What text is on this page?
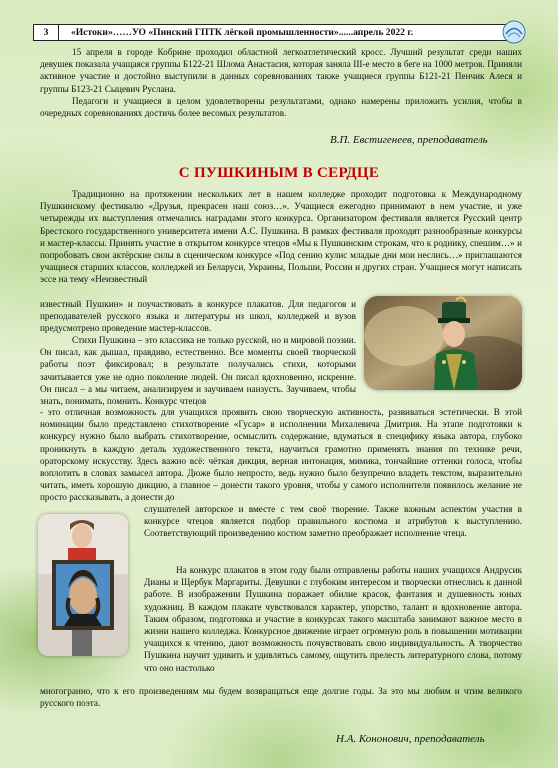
3	«Истоки»……УО «Пинский ГПТК лёгкой промышленности»......апрель 2022 г.

15 апреля в городе Кобрине проходил областной легкоатлетический кросс. Лучший результат среди наших девушек показала учащаяся группы Б122-21 Шлома Анастасия, которая заняла III-е место в беге на 1000 метров. Приняли активное участие и достойно выступили в данных соревнованиях также учащиеся группы Б121-21 Пенчик Алеся и группы Б123-21 Сыцевич Руслана.

Педагоги и учащиеся в целом удовлетворены результатами, однако намерены приложить усилия, чтобы в очередных соревнованиях достичь более весомых результатов.

В.П. Евстигенеев, преподаватель
С ПУШКИНЫМ В СЕРДЦЕ

Традиционно на протяжении нескольких лет в нашем колледже проходит подготовка к Международному Пушкинскому фестивалю «Друзья, прекрасен наш союз…». Учащиеся ежегодно принимают в нем участие, и уже четырежды их выступления отмечались наградами этого конкурса. Организатором фестиваля является Русский центр Брестского государственного университета имени А.С. Пушкина. В рамках фестиваля проходят разнообразные конкурсы и мастер-классы. Принять участие в открытом конкурсе чтецов «Мы к Пушкинским строкам, что к роднику, спешим…» и попробовать свои актёрские силы в сценическом конкурсе «Под сению кулис младые дни мои неслись…» приглашаются учащиеся старших классов, колледжей из Беларуси, Украины, Польши, России и других стран. Учащиеся могут написать эссе на тему «Неизвестный

известный Пушкин» и поучаствовать в конкурсе плакатов. Для педагогов и преподавателей русского языка и литературы из школ, колледжей и вузов предусмотрено проведение мастер-классов.

Стихи Пушкина – это классика не только русской, но и мировой поэзии. Он писал, как дышал, правдиво, естественно. Все моменты своей творческой работы поэт фиксировал; в результате получались стихи, которыми зачитывается уже не одно поколение людей. Он писал вдохновенно, искренне. Он писал – а мы читаем, анализируем и заучиваем наизусть. Заучиваем, чтобы знать, понимать, помнить. Конкурс чтецов

- это отличная возможность для учащихся проявить свою творческую активность, развиваться эстетически. В этой номинации было представлено стихотворение «Гусар» в исполнении Михалевича Дмитрия. На этапе подготовки к конкурсу нужно было выбрать стихотворение, осмыслить содержание, вдуматься в специфику языка автора, глубоко проникнуть в каждую деталь художественного текста, научиться грамотно применять знания по технике речи, ораторскому искусству. Здесь важно всё: чёткая дикция, верная интонация, мимика, тончайшие оттенки голоса, чтобы воплотить в словах замысел автора. Дюже было непросто, ведь нужно было безупречно владеть текстом, выразительно читать, иметь хорошую дикцию, а главное – донести такого уровня, чтобы у самого исполнителя появилось желание не просто рассказывать, а донести до

слушателей авторское и вместе с тем своё творение. Также важным аспектом участия в конкурсе чтецов является подбор правильного костюма и атрибутов к выступлению. Соответствующий произведению костюм заметно преображает исполнение чтеца.

На конкурс плакатов в этом году были отправлены работы наших учащихся Андрусик Дианы и Щербук Маргариты. Девушки с глубоким интересом и творчески отнеслись к данной работе. В изображении Пушкина поражает обилие красок, фантазия и душевность юных художниц. В каждом плакате чувствовался характер, упорство, талант и вдохновение автора. Таким образом, подготовка и участие в конкурсах такого масштаба занимают важное место в жизни нашего колледжа. Конкурсное движение играет огромную роль в повышении мотивации учащихся к чтению, дают возможность почувствовать свою индивидуальность. А творчество Пушкина научит удивить и удивлятьсь самому, ощутить прелесть литературного слова, потому что оно настолько

многогранно, что к его произведениям мы будем возвращаться еще долгие годы. За это мы любим и чтим великого русского поэта.

Н.А. Кононович, преподаватель
